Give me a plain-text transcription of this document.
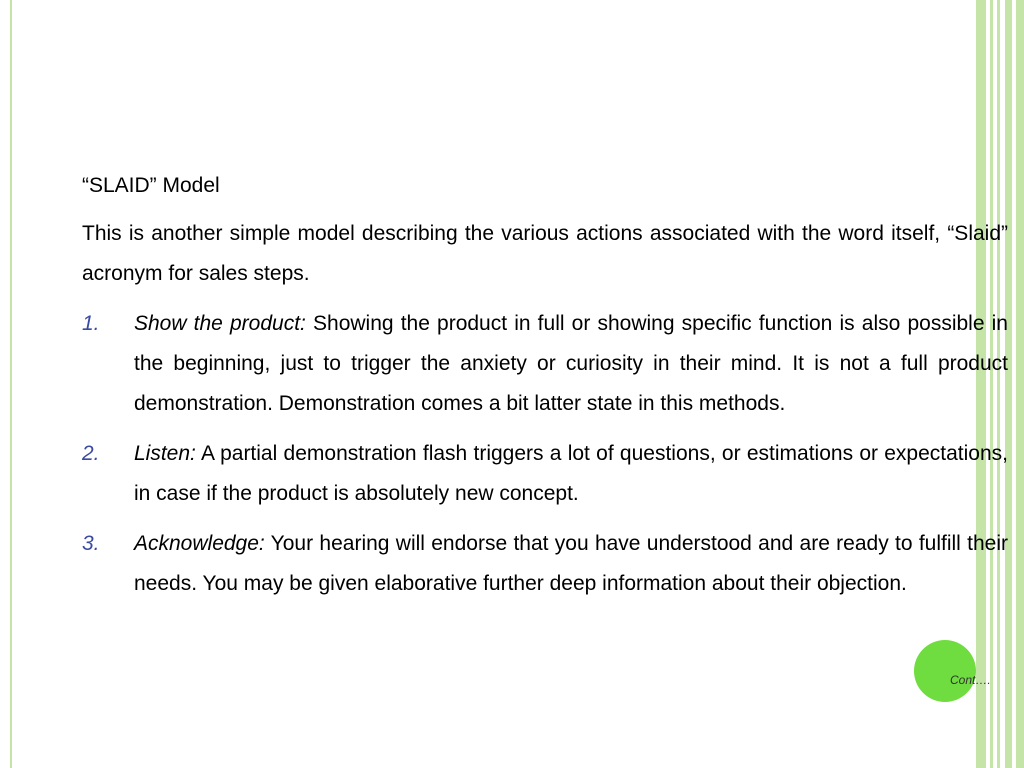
“SLAID” Model
This is another simple model describing the various actions associated with the word itself, “Slaid” acronym for sales steps.
1. Show the product: Showing the product in full or showing specific function is also possible in the beginning, just to trigger the anxiety or curiosity in their mind. It is not a full product demonstration. Demonstration comes a bit latter state in this methods.
2. Listen: A partial demonstration flash triggers a lot of questions, or estimations or expectations, in case if the product is absolutely new concept.
3. Acknowledge: Your hearing will endorse that you have understood and are ready to fulfill their needs. You may be given elaborative further deep information about their objection.
Cont….
